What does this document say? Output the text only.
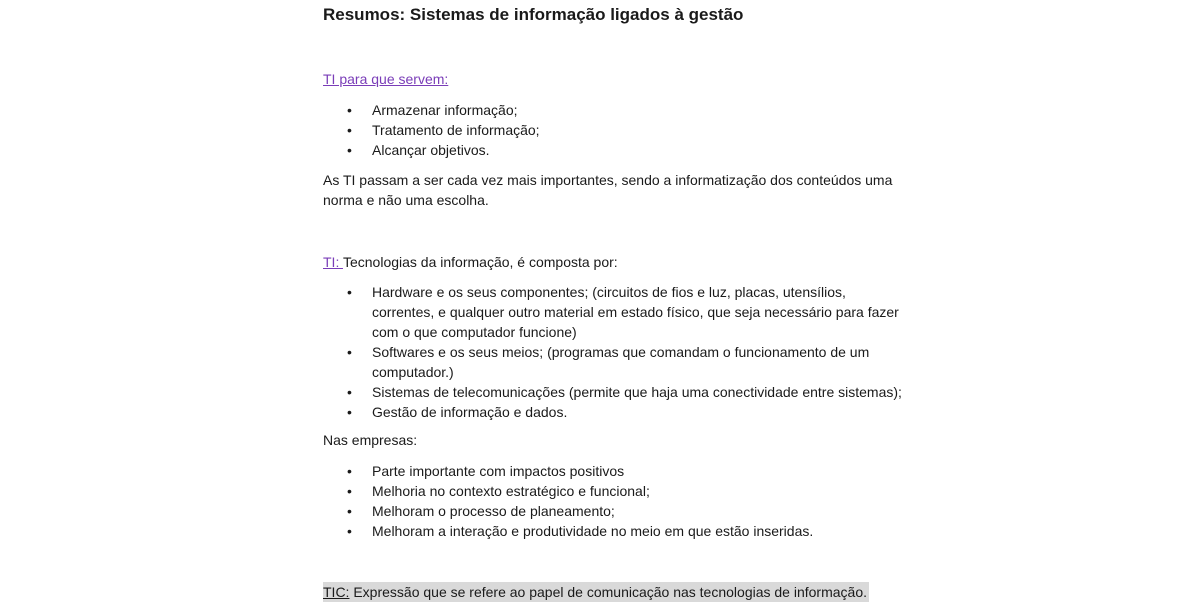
Resumos: Sistemas de informação ligados à gestão
TI para que servem:
• Armazenar informação;
• Tratamento de informação;
• Alcançar objetivos.
As TI passam a ser cada vez mais importantes, sendo a informatização dos conteúdos uma norma e não uma escolha.
TI: Tecnologias da informação, é composta por:
• Hardware e os seus componentes; (circuitos de fios e luz, placas, utensílios, correntes, e qualquer outro material em estado físico, que seja necessário para fazer com o que computador funcione)
• Softwares e os seus meios; (programas que comandam o funcionamento de um computador.)
• Sistemas de telecomunicações (permite que haja uma conectividade entre sistemas);
• Gestão de informação e dados.
Nas empresas:
• Parte importante com impactos positivos
• Melhoria no contexto estratégico e funcional;
• Melhoram o processo de planeamento;
• Melhoram a interação e produtividade no meio em que estão inseridas.
TIC: Expressão que se refere ao papel de comunicação nas tecnologias de informação.
